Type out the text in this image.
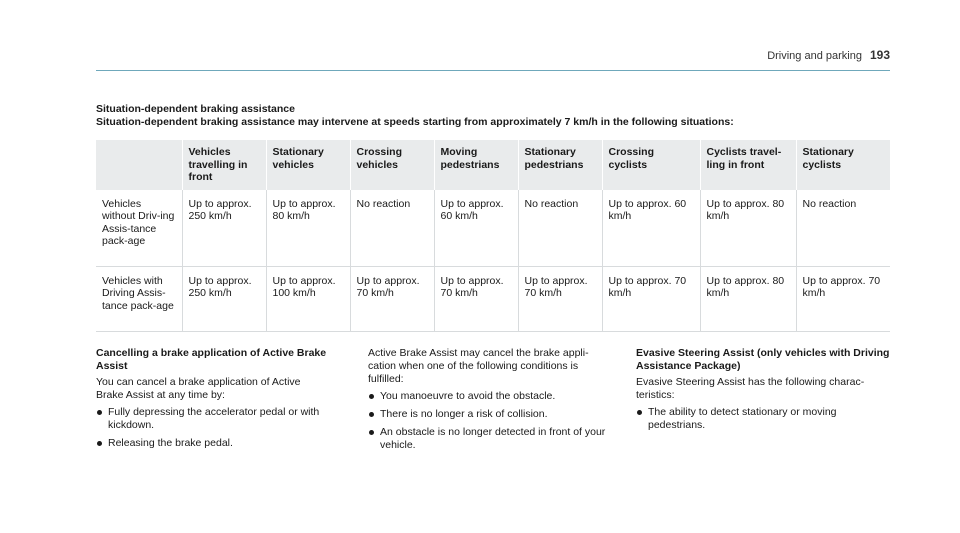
Driving and parking 193
Situation-dependent braking assistance
Situation-dependent braking assistance may intervene at speeds starting from approximately 7 km/h in the following situations:
	Vehicles travelling in front	Stationary vehicles	Crossing vehicles	Moving pedestrians	Stationary pedestrians	Crossing cyclists	Cyclists travel-ling in front	Stationary cyclists
Vehicles without Driv-ing Assis-tance pack-age	Up to approx. 250 km/h	Up to approx. 80 km/h	No reaction	Up to approx. 60 km/h	No reaction	Up to approx. 60 km/h	Up to approx. 80 km/h	No reaction
Vehicles with Driving Assis-tance pack-age	Up to approx. 250 km/h	Up to approx. 100 km/h	Up to approx. 70 km/h	Up to approx. 70 km/h	Up to approx. 70 km/h	Up to approx. 70 km/h	Up to approx. 80 km/h	Up to approx. 70 km/h
Cancelling a brake application of Active Brake Assist

You can cancel a brake application of Active Brake Assist at any time by:

Fully depressing the accelerator pedal or with kickdown.
Releasing the brake pedal.

Active Brake Assist may cancel the brake appli-cation when one of the following conditions is fulfilled:

You manoeuvre to avoid the obstacle.
There is no longer a risk of collision.
An obstacle is no longer detected in front of your vehicle.
Evasive Steering Assist (only vehicles with Driving Assistance Package)

Evasive Steering Assist has the following charac-teristics:

The ability to detect stationary or moving pedestrians.
